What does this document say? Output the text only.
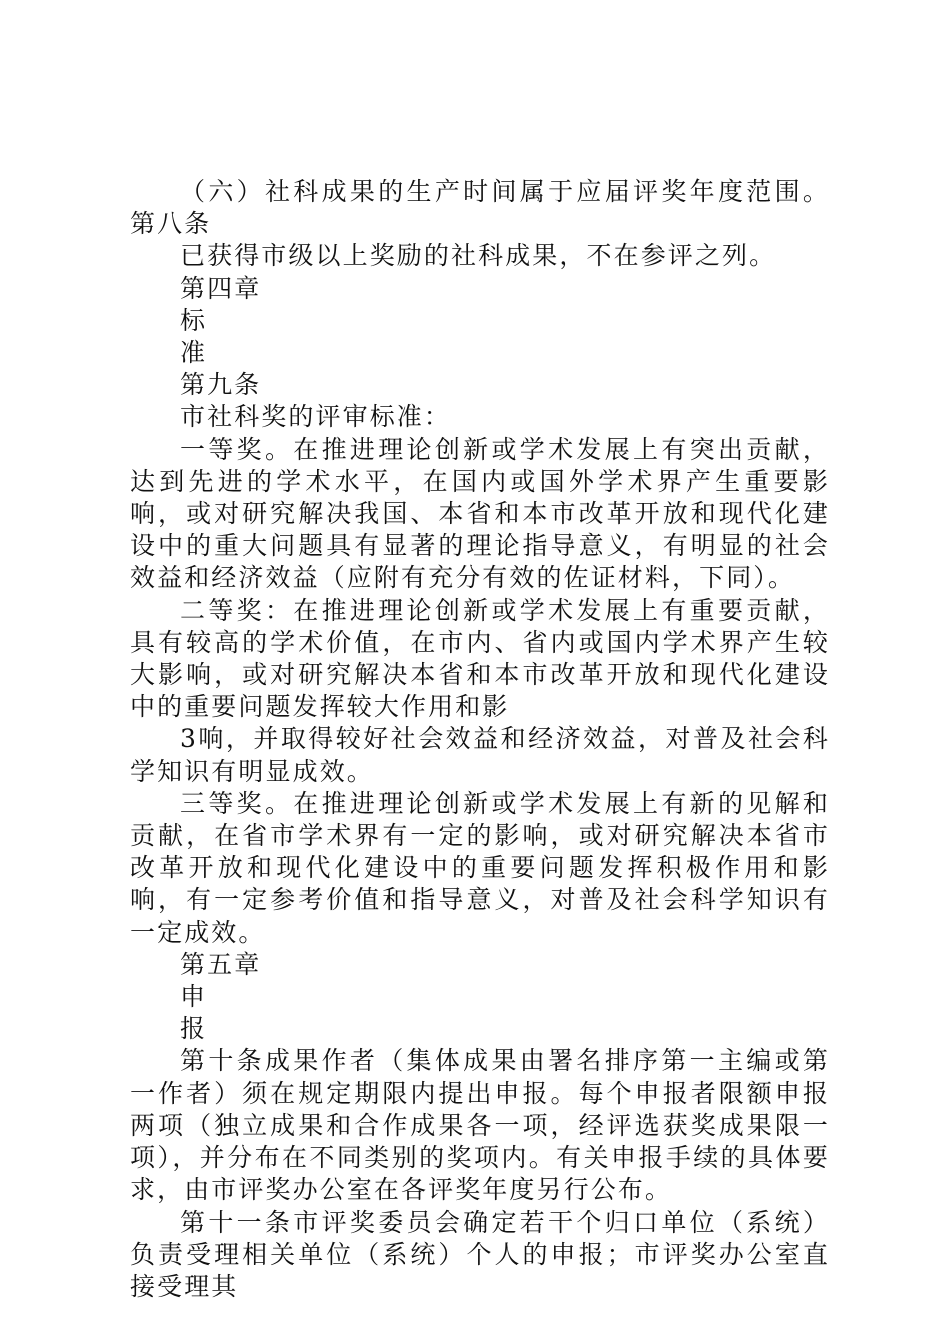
（六）社科成果的生产时间属于应届评奖年度范围。第八条

已获得市级以上奖励的社科成果，不在参评之列。

第四章

标

准

第九条

市社科奖的评审标准：

一等奖。在推进理论创新或学术发展上有突出贡献，达到先进的学术水平，在国内或国外学术界产生重要影响，或对研究解决我国、本省和本市改革开放和现代化建设中的重大问题具有显著的理论指导意义，有明显的社会效益和经济效益（应附有充分有效的佐证材料，下同）。

二等奖：在推进理论创新或学术发展上有重要贡献，具有较高的学术价值，在市内、省内或国内学术界产生较大影响，或对研究解决本省和本市改革开放和现代化建设中的重要问题发挥较大作用和影

3响，并取得较好社会效益和经济效益，对普及社会科学知识有明显成效。

三等奖。在推进理论创新或学术发展上有新的见解和贡献，在省市学术界有一定的影响，或对研究解决本省市改革开放和现代化建设中的重要问题发挥积极作用和影响，有一定参考价值和指导意义，对普及社会科学知识有一定成效。

第五章

申

报

第十条成果作者（集体成果由署名排序第一主编或第一作者）须在规定期限内提出申报。每个申报者限额申报两项（独立成果和合作成果各一项，经评选获奖成果限一项），并分布在不同类别的奖项内。有关申报手续的具体要求，由市评奖办公室在各评奖年度另行公布。

第十一条市评奖委员会确定若干个归口单位（系统）负责受理相关单位（系统）个人的申报；市评奖办公室直接受理其
